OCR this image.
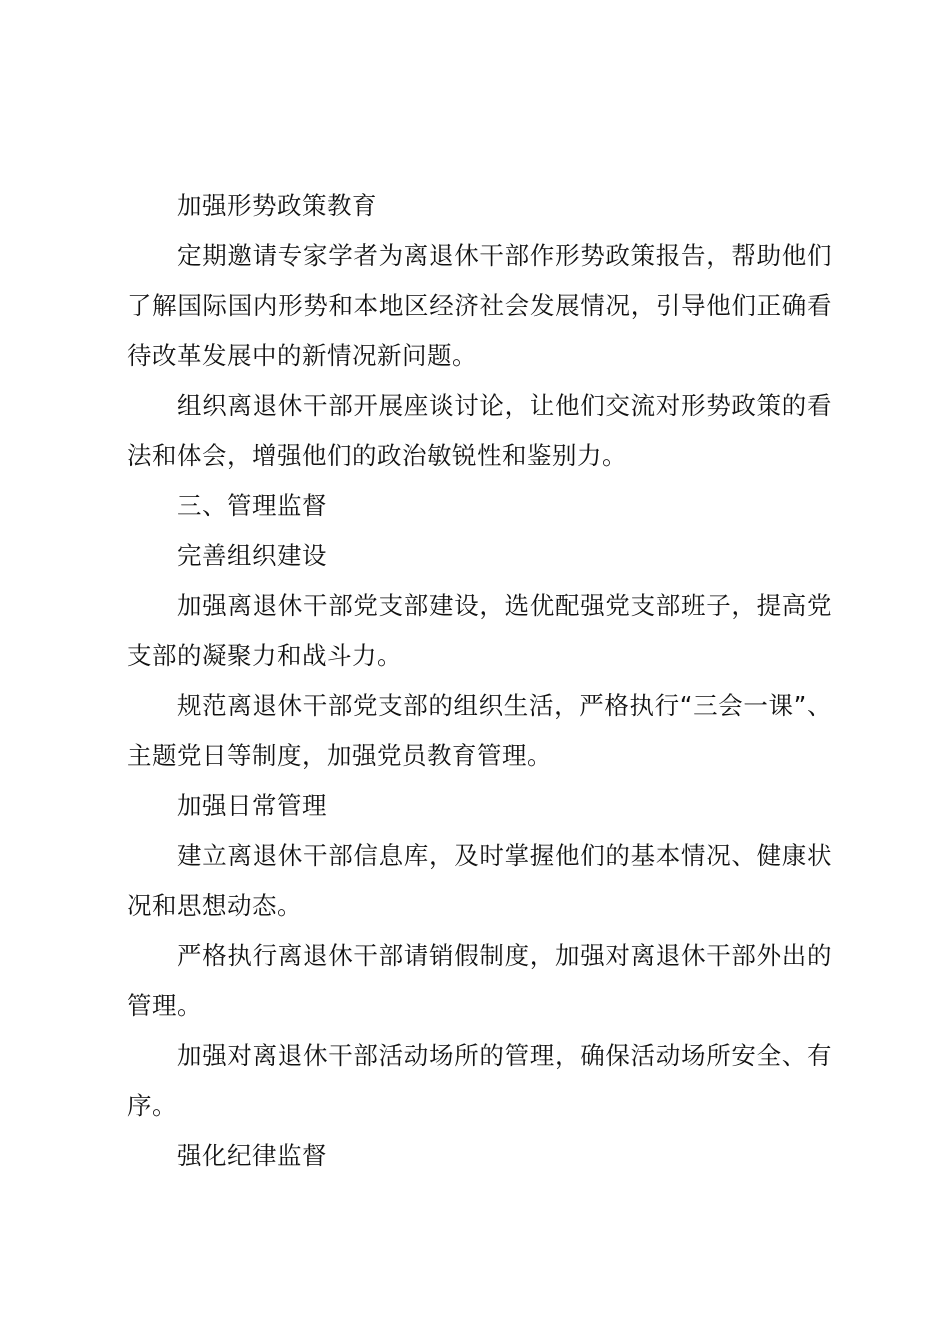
加强形势政策教育

定期邀请专家学者为离退休干部作形势政策报告，帮助他们了解国际国内形势和本地区经济社会发展情况，引导他们正确看待改革发展中的新情况新问题。

组织离退休干部开展座谈讨论，让他们交流对形势政策的看法和体会，增强他们的政治敏锐性和鉴别力。

三、管理监督

完善组织建设

加强离退休干部党支部建设，选优配强党支部班子，提高党支部的凝聚力和战斗力。

规范离退休干部党支部的组织生活，严格执行“三会一课”、主题党日等制度，加强党员教育管理。

加强日常管理

建立离退休干部信息库，及时掌握他们的基本情况、健康状况和思想动态。

严格执行离退休干部请销假制度，加强对离退休干部外出的管理。

加强对离退休干部活动场所的管理，确保活动场所安全、有序。

强化纪律监督
